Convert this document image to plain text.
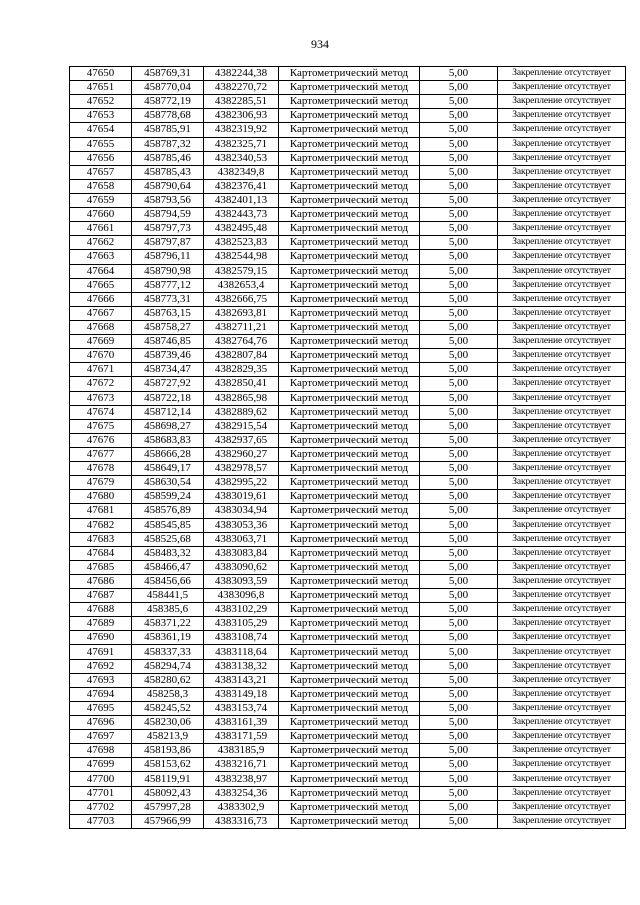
934
47650	458769,31	4382244,38	Картометрический метод	5,00	Закрепление отсутствует
47651	458770,04	4382270,72	Картометрический метод	5,00	Закрепление отсутствует
47652	458772,19	4382285,51	Картометрический метод	5,00	Закрепление отсутствует
47653	458778,68	4382306,93	Картометрический метод	5,00	Закрепление отсутствует
47654	458785,91	4382319,92	Картометрический метод	5,00	Закрепление отсутствует
47655	458787,32	4382325,71	Картометрический метод	5,00	Закрепление отсутствует
47656	458785,46	4382340,53	Картометрический метод	5,00	Закрепление отсутствует
47657	458785,43	4382349,8	Картометрический метод	5,00	Закрепление отсутствует
47658	458790,64	4382376,41	Картометрический метод	5,00	Закрепление отсутствует
47659	458793,56	4382401,13	Картометрический метод	5,00	Закрепление отсутствует
47660	458794,59	4382443,73	Картометрический метод	5,00	Закрепление отсутствует
47661	458797,73	4382495,48	Картометрический метод	5,00	Закрепление отсутствует
47662	458797,87	4382523,83	Картометрический метод	5,00	Закрепление отсутствует
47663	458796,11	4382544,98	Картометрический метод	5,00	Закрепление отсутствует
47664	458790,98	4382579,15	Картометрический метод	5,00	Закрепление отсутствует
47665	458777,12	4382653,4	Картометрический метод	5,00	Закрепление отсутствует
47666	458773,31	4382666,75	Картометрический метод	5,00	Закрепление отсутствует
47667	458763,15	4382693,81	Картометрический метод	5,00	Закрепление отсутствует
47668	458758,27	4382711,21	Картометрический метод	5,00	Закрепление отсутствует
47669	458746,85	4382764,76	Картометрический метод	5,00	Закрепление отсутствует
47670	458739,46	4382807,84	Картометрический метод	5,00	Закрепление отсутствует
47671	458734,47	4382829,35	Картометрический метод	5,00	Закрепление отсутствует
47672	458727,92	4382850,41	Картометрический метод	5,00	Закрепление отсутствует
47673	458722,18	4382865,98	Картометрический метод	5,00	Закрепление отсутствует
47674	458712,14	4382889,62	Картометрический метод	5,00	Закрепление отсутствует
47675	458698,27	4382915,54	Картометрический метод	5,00	Закрепление отсутствует
47676	458683,83	4382937,65	Картометрический метод	5,00	Закрепление отсутствует
47677	458666,28	4382960,27	Картометрический метод	5,00	Закрепление отсутствует
47678	458649,17	4382978,57	Картометрический метод	5,00	Закрепление отсутствует
47679	458630,54	4382995,22	Картометрический метод	5,00	Закрепление отсутствует
47680	458599,24	4383019,61	Картометрический метод	5,00	Закрепление отсутствует
47681	458576,89	4383034,94	Картометрический метод	5,00	Закрепление отсутствует
47682	458545,85	4383053,36	Картометрический метод	5,00	Закрепление отсутствует
47683	458525,68	4383063,71	Картометрический метод	5,00	Закрепление отсутствует
47684	458483,32	4383083,84	Картометрический метод	5,00	Закрепление отсутствует
47685	458466,47	4383090,62	Картометрический метод	5,00	Закрепление отсутствует
47686	458456,66	4383093,59	Картометрический метод	5,00	Закрепление отсутствует
47687	458441,5	4383096,8	Картометрический метод	5,00	Закрепление отсутствует
47688	458385,6	4383102,29	Картометрический метод	5,00	Закрепление отсутствует
47689	458371,22	4383105,29	Картометрический метод	5,00	Закрепление отсутствует
47690	458361,19	4383108,74	Картометрический метод	5,00	Закрепление отсутствует
47691	458337,33	4383118,64	Картометрический метод	5,00	Закрепление отсутствует
47692	458294,74	4383138,32	Картометрический метод	5,00	Закрепление отсутствует
47693	458280,62	4383143,21	Картометрический метод	5,00	Закрепление отсутствует
47694	458258,3	4383149,18	Картометрический метод	5,00	Закрепление отсутствует
47695	458245,52	4383153,74	Картометрический метод	5,00	Закрепление отсутствует
47696	458230,06	4383161,39	Картометрический метод	5,00	Закрепление отсутствует
47697	458213,9	4383171,59	Картометрический метод	5,00	Закрепление отсутствует
47698	458193,86	4383185,9	Картометрический метод	5,00	Закрепление отсутствует
47699	458153,62	4383216,71	Картометрический метод	5,00	Закрепление отсутствует
47700	458119,91	4383238,97	Картометрический метод	5,00	Закрепление отсутствует
47701	458092,43	4383254,36	Картометрический метод	5,00	Закрепление отсутствует
47702	457997,28	4383302,9	Картометрический метод	5,00	Закрепление отсутствует
47703	457966,99	4383316,73	Картометрический метод	5,00	Закрепление отсутствует
